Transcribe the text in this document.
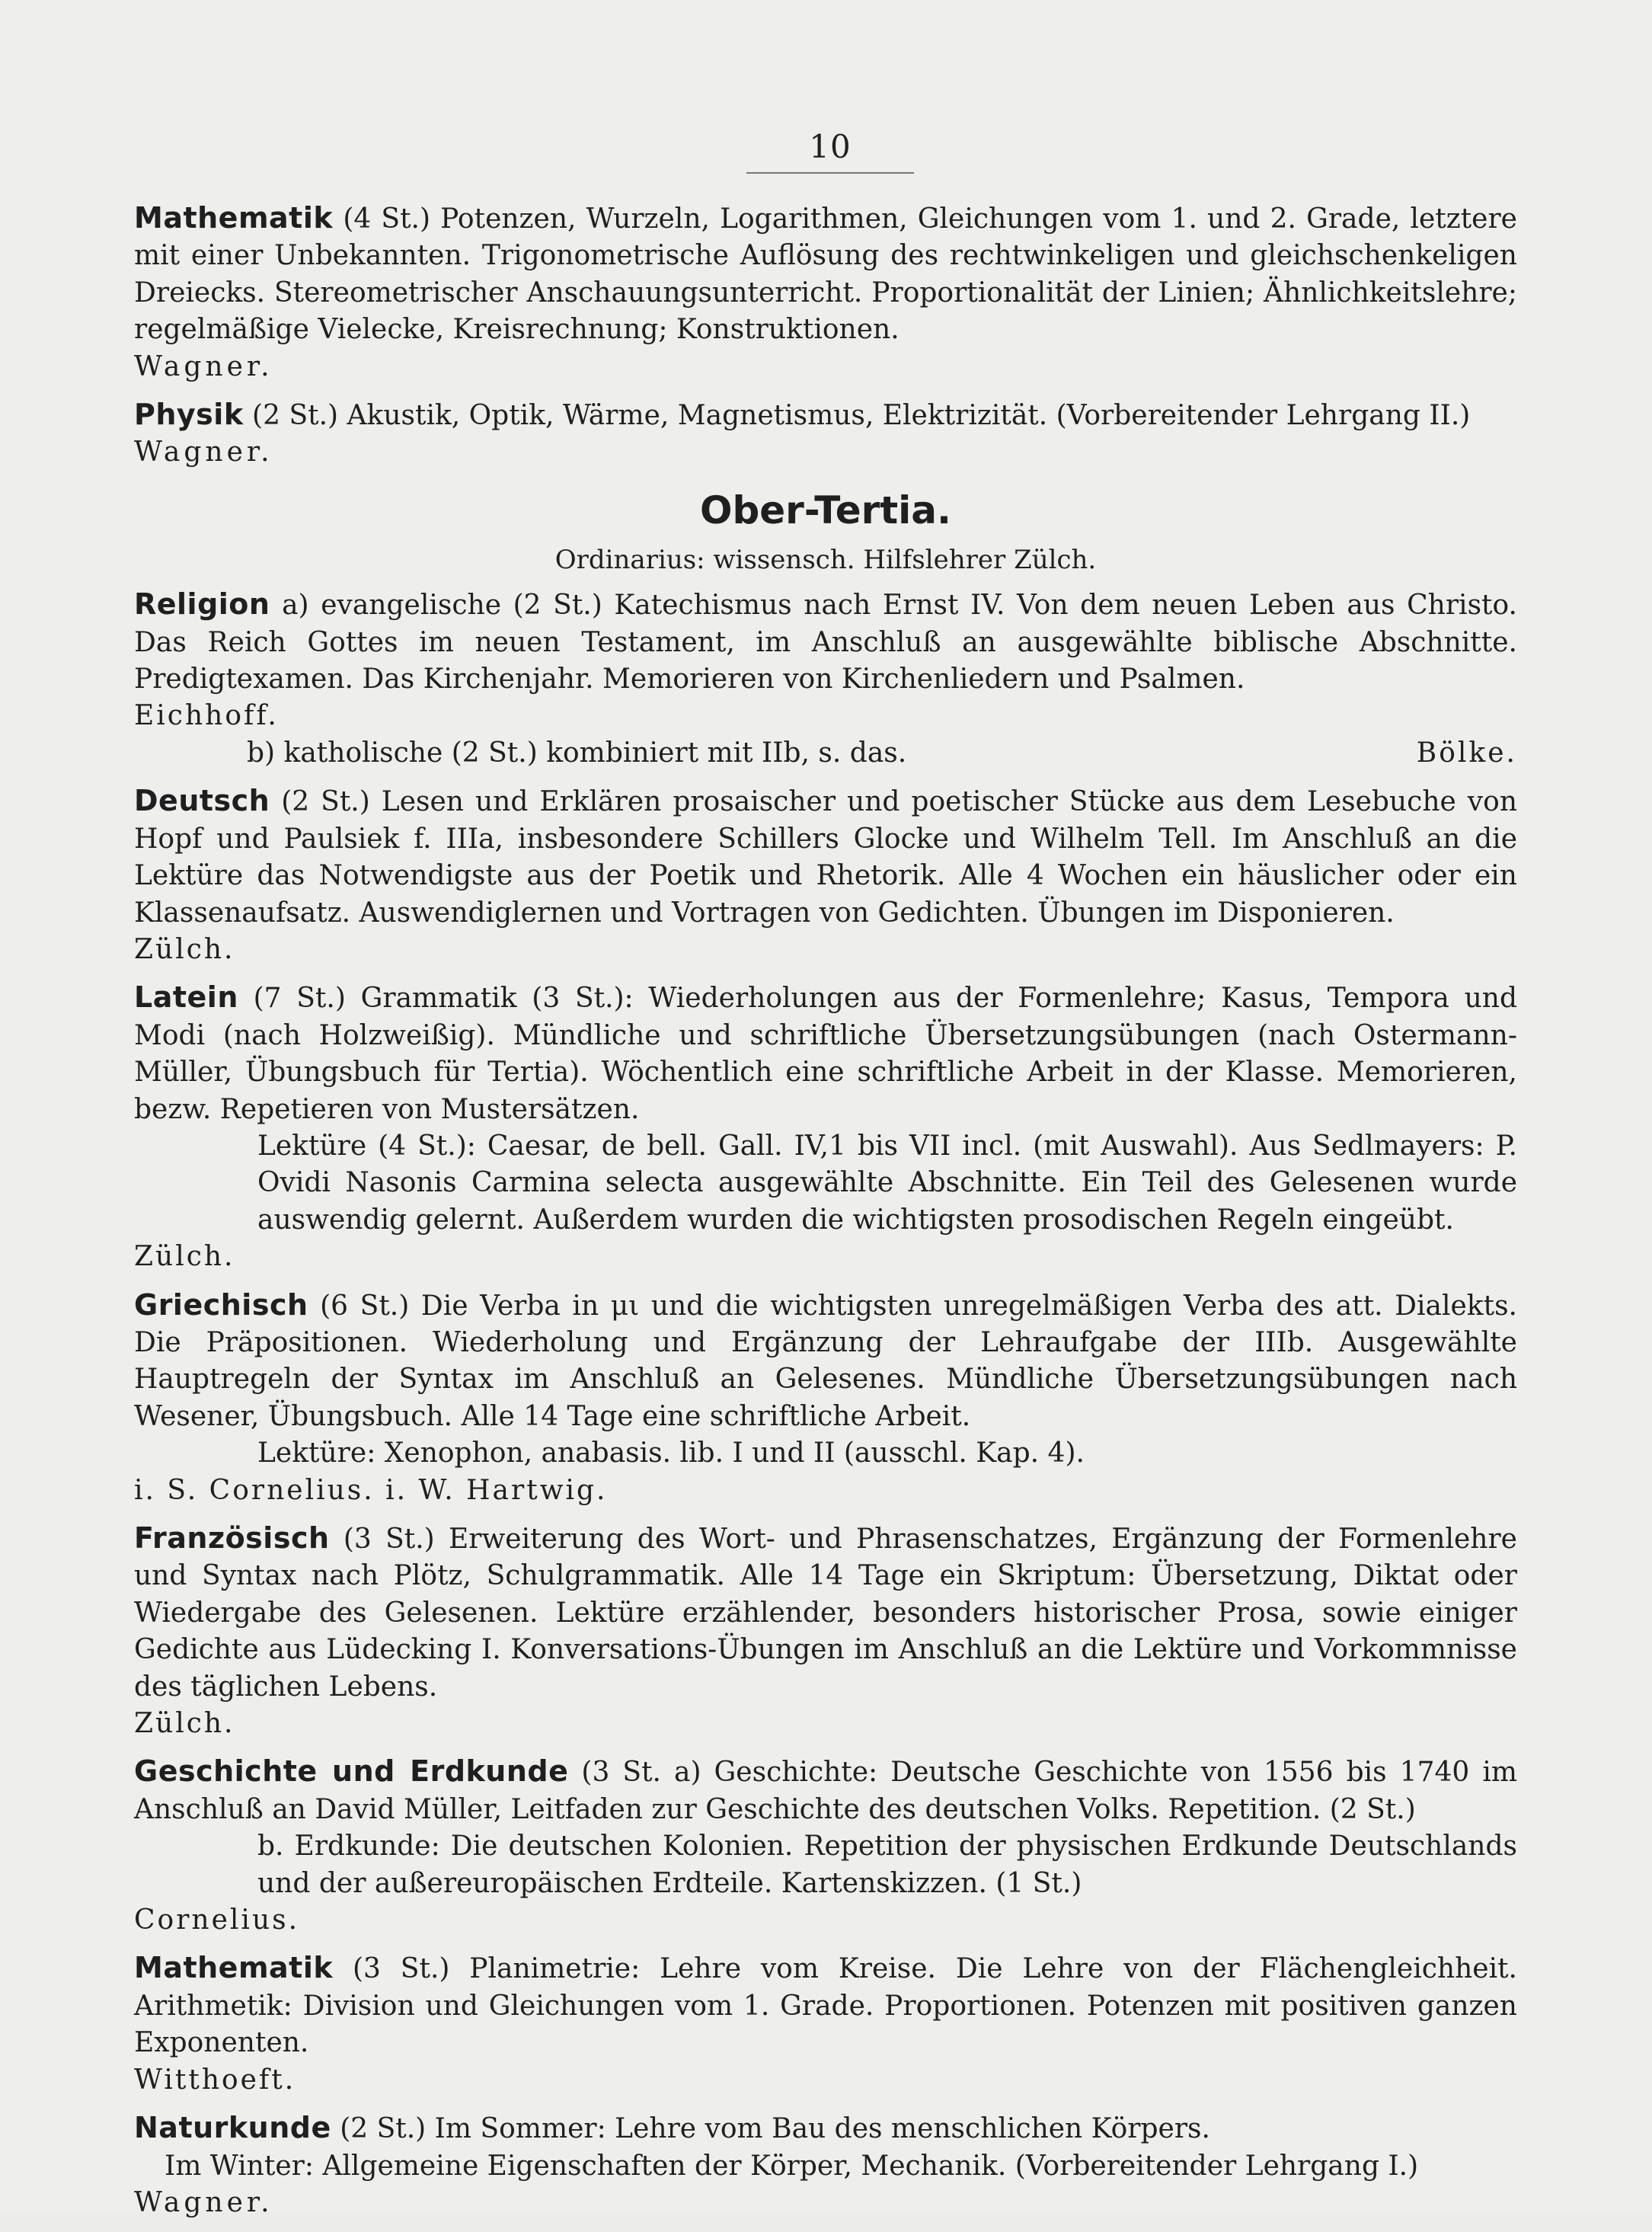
10

Mathematik (4 St.) Potenzen, Wurzeln, Logarithmen, Gleichungen vom 1. und 2. Grade, letztere mit einer Unbekannten. Trigonometrische Auflösung des rechtwinkeligen und gleichschenkeligen Dreiecks. Stereometrischer Anschauungsunterricht. Proportionalität der Linien; Ähnlichkeitslehre; regelmäßige Vielecke, Kreisrechnung; Konstruktionen.

Wagner.

Physik (2 St.) Akustik, Optik, Wärme, Magnetismus, Elektrizität. (Vorbereitender Lehrgang II.)

Wagner.

Ober-Tertia.
Ordinarius: wissensch. Hilfslehrer Zülch.

Religion a) evangelische (2 St.) Katechismus nach Ernst IV. Von dem neuen Leben aus Christo. Das Reich Gottes im neuen Testament, im Anschluß an ausgewählte biblische Abschnitte. Predigtexamen. Das Kirchenjahr. Memorieren von Kirchenliedern und Psalmen.

Eichhoff.

b) katholische (2 St.) kombiniert mit IIb, s. das.	Bölke.

Deutsch (2 St.) Lesen und Erklären prosaischer und poetischer Stücke aus dem Lesebuche von Hopf und Paulsiek f. IIIa, insbesondere Schillers Glocke und Wilhelm Tell. Im Anschluß an die Lektüre das Notwendigste aus der Poetik und Rhetorik. Alle 4 Wochen ein häuslicher oder ein Klassenaufsatz. Auswendiglernen und Vortragen von Gedichten. Übungen im Disponieren.

Zülch.

Latein (7 St.) Grammatik (3 St.): Wiederholungen aus der Formenlehre; Kasus, Tempora und Modi (nach Holzweißig). Mündliche und schriftliche Übersetzungsübungen (nach Ostermann-Müller, Übungsbuch für Tertia). Wöchentlich eine schriftliche Arbeit in der Klasse. Memorieren, bezw. Repetieren von Mustersätzen.

Lektüre (4 St.): Caesar, de bell. Gall. IV,1 bis VII incl. (mit Auswahl). Aus Sedlmayers: P. Ovidi Nasonis Carmina selecta ausgewählte Abschnitte. Ein Teil des Gelesenen wurde auswendig gelernt. Außerdem wurden die wichtigsten prosodischen Regeln eingeübt.

Zülch.

Griechisch (6 St.) Die Verba in μι und die wichtigsten unregelmäßigen Verba des att. Dialekts. Die Präpositionen. Wiederholung und Ergänzung der Lehraufgabe der IIIb. Ausgewählte Hauptregeln der Syntax im Anschluß an Gelesenes. Mündliche Übersetzungsübungen nach Wesener, Übungsbuch. Alle 14 Tage eine schriftliche Arbeit.

Lektüre: Xenophon, anabasis. lib. I und II (ausschl. Kap. 4).

i. S. Cornelius. i. W. Hartwig.

Französisch (3 St.) Erweiterung des Wort- und Phrasenschatzes, Ergänzung der Formenlehre und Syntax nach Plötz, Schulgrammatik. Alle 14 Tage ein Skriptum: Übersetzung, Diktat oder Wiedergabe des Gelesenen. Lektüre erzählender, besonders historischer Prosa, sowie einiger Gedichte aus Lüdecking I. Konversations-Übungen im Anschluß an die Lektüre und Vorkommnisse des täglichen Lebens.

Zülch.

Geschichte und Erdkunde (3 St. a) Geschichte: Deutsche Geschichte von 1556 bis 1740 im Anschluß an David Müller, Leitfaden zur Geschichte des deutschen Volks. Repetition. (2 St.)

b. Erdkunde: Die deutschen Kolonien. Repetition der physischen Erdkunde Deutschlands und der außereuropäischen Erdteile. Kartenskizzen. (1 St.)

Cornelius.

Mathematik (3 St.) Planimetrie: Lehre vom Kreise. Die Lehre von der Flächengleichheit. Arithmetik: Division und Gleichungen vom 1. Grade. Proportionen. Potenzen mit positiven ganzen Exponenten.

Witthoeft.

Naturkunde (2 St.) Im Sommer: Lehre vom Bau des menschlichen Körpers.

Im Winter: Allgemeine Eigenschaften der Körper, Mechanik. (Vorbereitender Lehrgang I.)

Wagner.
